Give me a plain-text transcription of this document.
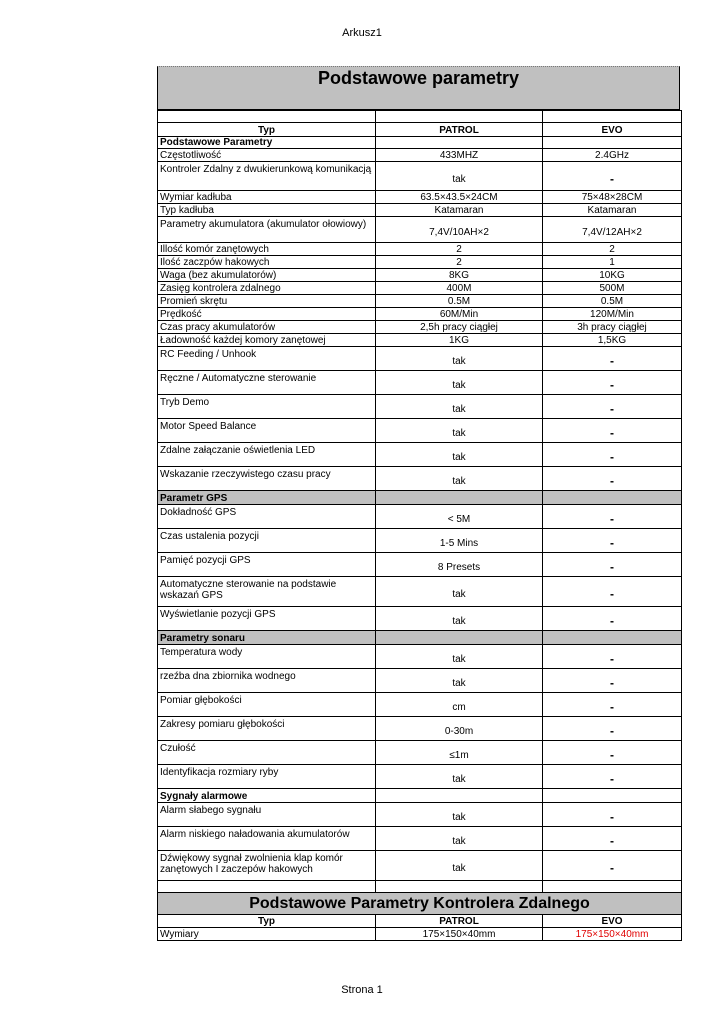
Arkusz1
Podstawowe parametry

Typ	PATROL	EVO
Podstawowe Parametry		
Częstotliwość	433MHZ	2.4GHz
Kontroler Zdalny z dwukierunkową komunikacją	tak	-
Wymiar kadłuba	63.5×43.5×24CM	75×48×28CM
Typ kadłuba	Katamaran	Katamaran
Parametry akumulatora (akumulator ołowiowy)	7,4V/10AH×2	7,4V/12AH×2
Illość komór zanętowych	2	2
Ilość zaczpów hakowych	2	1
Waga (bez akumulatorów)	8KG	10KG
Zasięg kontrolera zdalnego	400M	500M
Promień skrętu	0.5M	0.5M
Prędkość	60M/Min	120M/Min
Czas pracy akumulatorów	2,5h pracy ciągłej	3h pracy ciągłej
Ładowność każdej komory zanętowej	1KG	1,5KG
RC Feeding / Unhook	tak	-
Ręczne / Automatyczne sterowanie	tak	-
Tryb Demo	tak	-
Motor Speed Balance	tak	-
Zdalne załączanie oświetlenia LED	tak	-
Wskazanie rzeczywistego czasu pracy	tak	-
Parametr GPS		
Dokładność GPS	< 5M	-
Czas ustalenia pozycji	1-5 Mins	-
Pamięć pozycji GPS	8 Presets	-
Automatyczne sterowanie na podstawie wskazań GPS	tak	-
Wyświetlanie pozycji GPS	tak	-
Parametry sonaru		
Temperatura wody	tak	-
rzeźba dna zbiornika wodnego	tak	-
Pomiar głębokości	cm	-
Zakresy pomiaru głębokości	0-30m	-
Czułość	≤1m	-
Identyfikacja rozmiary ryby	tak	-
Sygnały alarmowe		
Alarm słabego sygnału	tak	-
Alarm niskiego naładowania akumulatorów	tak	-
Dźwiękowy sygnał zwolnienia klap komór zanętowych I zaczepów hakowych	tak	-

Podstawowe Parametry Kontrolera Zdalnego		
Typ	PATROL	EVO
Wymiary	175×150×40mm	175×150×40mm
Strona 1
